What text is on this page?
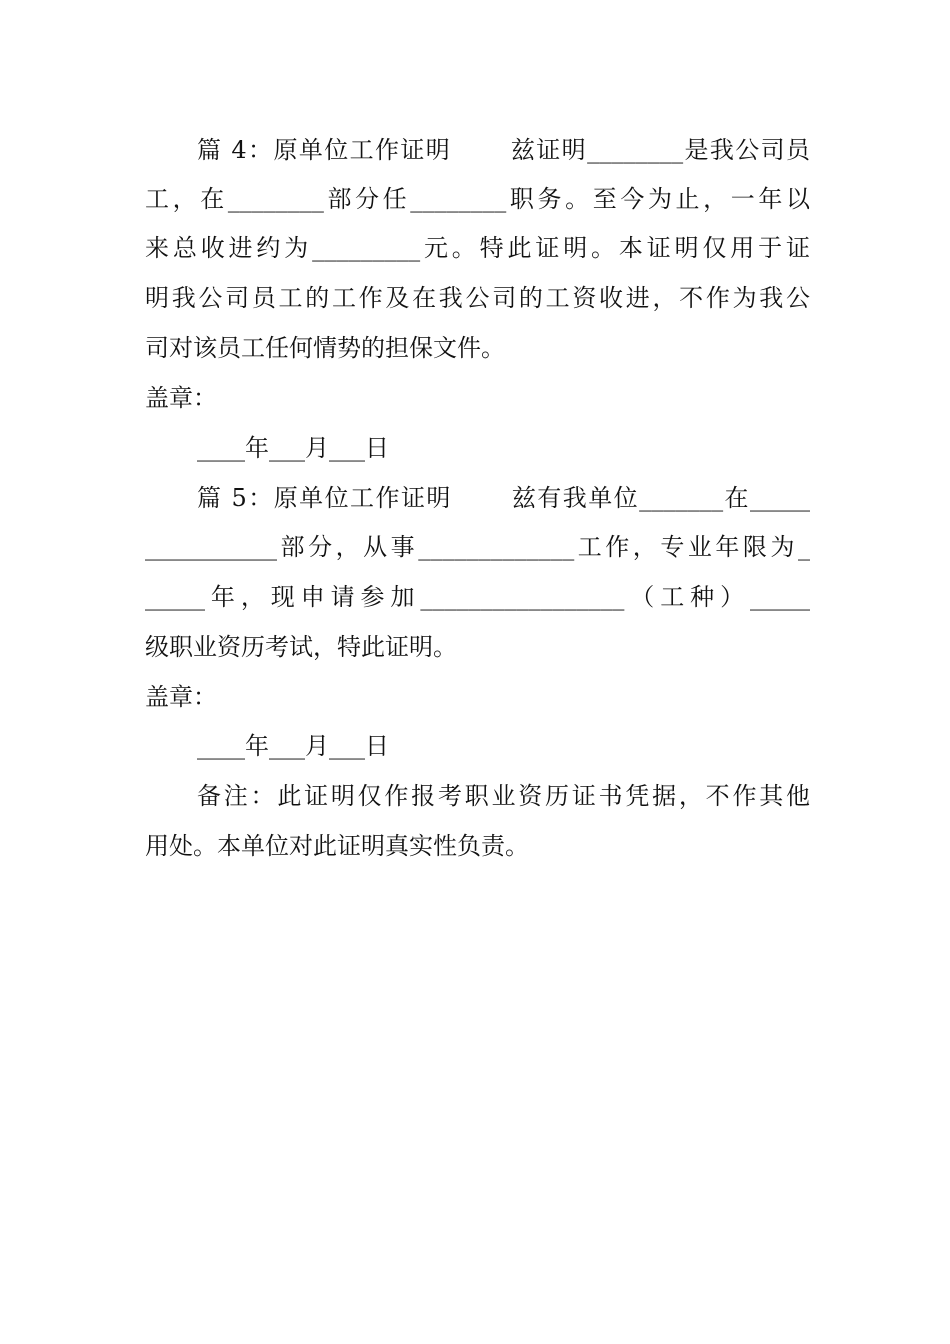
篇 4：原单位工作证明　　 兹证明________是我公司员
工，在________部分任________职务。至今为止，一年以
来总收进约为_________元。特此证明。本证明仅用于证
明我公司员工的工作及在我公司的工资收进，不作为我公
司对该员工任何情势的担保文件。
盖章：
____年___月___日
篇 5：原单位工作证明　　 兹有我单位_______在_____
___________部分，从事_____________工作，专业年限为_
_____年，现申请参加_________________（工种）_____
级职业资历考试，特此证明。
盖章：
____年___月___日
备注：此证明仅作报考职业资历证书凭据，不作其他
用处。本单位对此证明真实性负责。
